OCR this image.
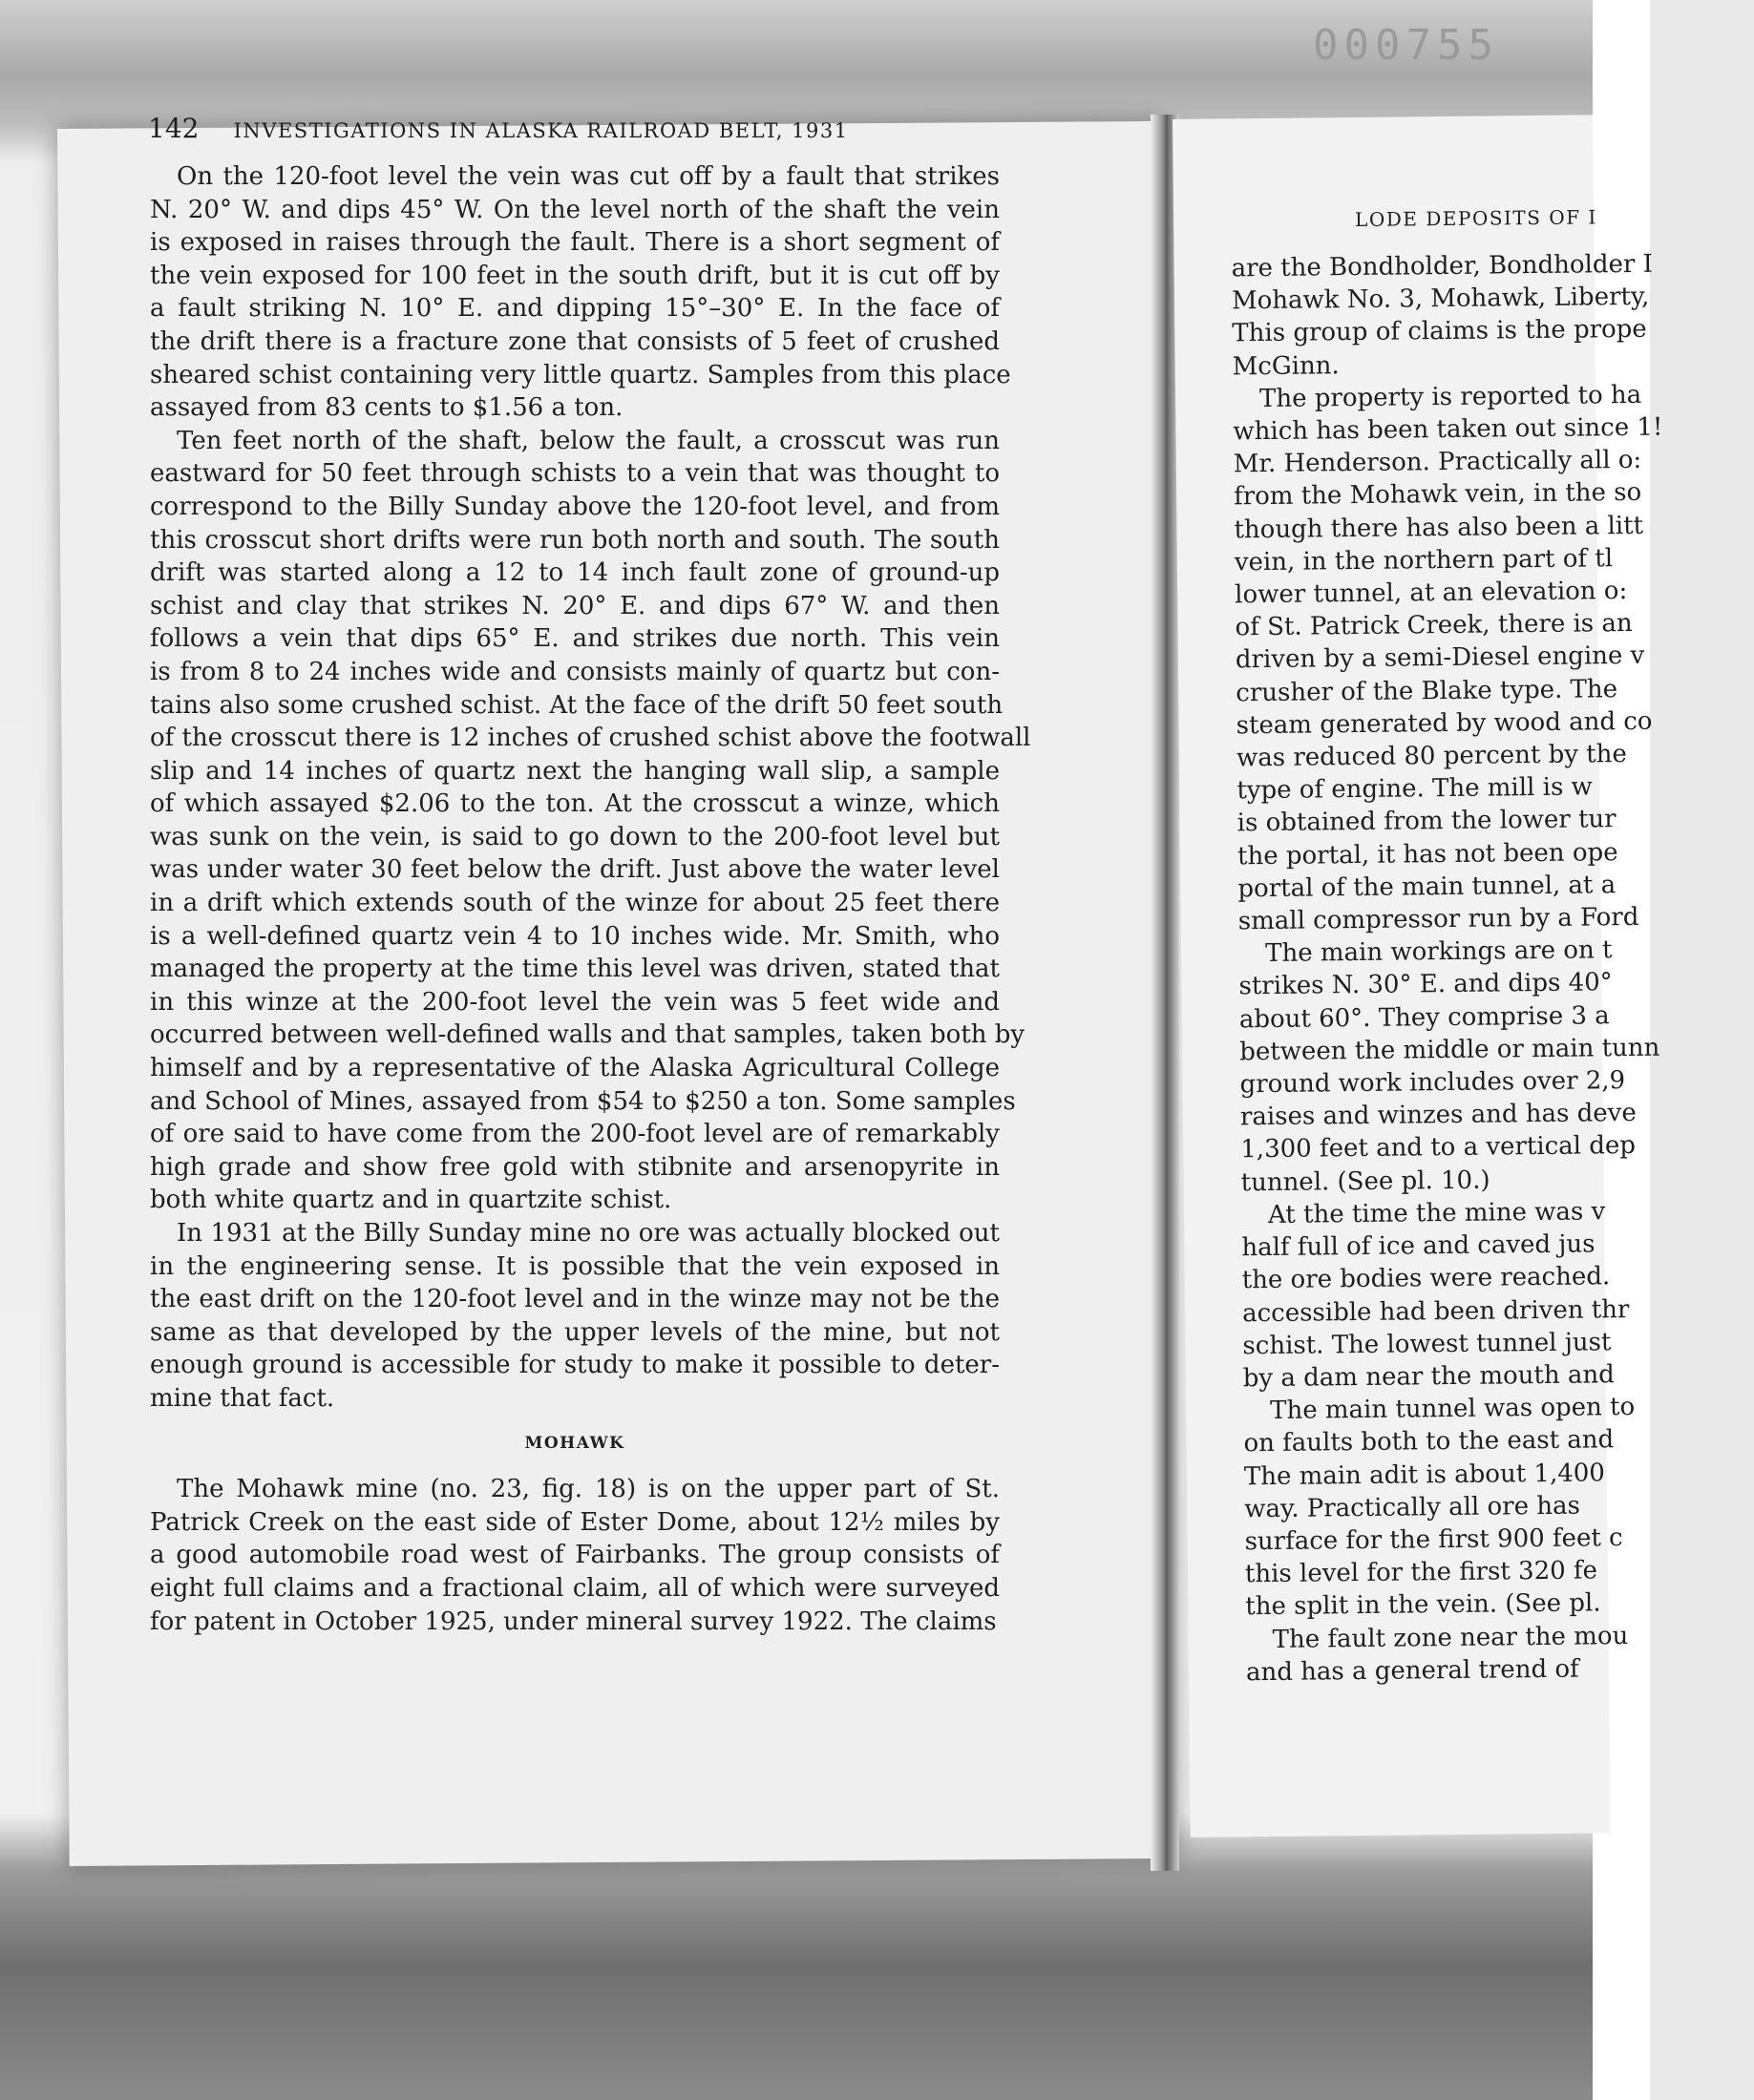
000755
142 INVESTIGATIONS IN ALASKA RAILROAD BELT, 1931
On the 120-foot level the vein was cut off by a fault that strikes
N. 20° W. and dips 45° W. On the level north of the shaft the vein
is exposed in raises through the fault. There is a short segment of
the vein exposed for 100 feet in the south drift, but it is cut off by
a fault striking N. 10° E. and dipping 15°–30° E. In the face of
the drift there is a fracture zone that consists of 5 feet of crushed
sheared schist containing very little quartz. Samples from this place
assayed from 83 cents to $1.56 a ton.
Ten feet north of the shaft, below the fault, a crosscut was run
eastward for 50 feet through schists to a vein that was thought to
correspond to the Billy Sunday above the 120-foot level, and from
this crosscut short drifts were run both north and south. The south
drift was started along a 12 to 14 inch fault zone of ground-up
schist and clay that strikes N. 20° E. and dips 67° W. and then
follows a vein that dips 65° E. and strikes due north. This vein
is from 8 to 24 inches wide and consists mainly of quartz but con-
tains also some crushed schist. At the face of the drift 50 feet south
of the crosscut there is 12 inches of crushed schist above the footwall
slip and 14 inches of quartz next the hanging wall slip, a sample
of which assayed $2.06 to the ton. At the crosscut a winze, which
was sunk on the vein, is said to go down to the 200-foot level but
was under water 30 feet below the drift. Just above the water level
in a drift which extends south of the winze for about 25 feet there
is a well-defined quartz vein 4 to 10 inches wide. Mr. Smith, who
managed the property at the time this level was driven, stated that
in this winze at the 200-foot level the vein was 5 feet wide and
occurred between well-defined walls and that samples, taken both by
himself and by a representative of the Alaska Agricultural College
and School of Mines, assayed from $54 to $250 a ton. Some samples
of ore said to have come from the 200-foot level are of remarkably
high grade and show free gold with stibnite and arsenopyrite in
both white quartz and in quartzite schist.
In 1931 at the Billy Sunday mine no ore was actually blocked out
in the engineering sense. It is possible that the vein exposed in
the east drift on the 120-foot level and in the winze may not be the
same as that developed by the upper levels of the mine, but not
enough ground is accessible for study to make it possible to deter-
mine that fact.
MOHAWK
The Mohawk mine (no. 23, fig. 18) is on the upper part of St.
Patrick Creek on the east side of Ester Dome, about 12½ miles by
a good automobile road west of Fairbanks. The group consists of
eight full claims and a fractional claim, all of which were surveyed
for patent in October 1925, under mineral survey 1922. The claims
LODE DEPOSITS OF I
are the Bondholder, Bondholder I
Mohawk No. 3, Mohawk, Liberty,
This group of claims is the prope
McGinn.
The property is reported to ha
which has been taken out since 1!
Mr. Henderson. Practically all o:
from the Mohawk vein, in the so
though there has also been a litt
vein, in the northern part of tl
lower tunnel, at an elevation o:
of St. Patrick Creek, there is an
driven by a semi-Diesel engine v
crusher of the Blake type. The
steam generated by wood and co
was reduced 80 percent by the
type of engine. The mill is w
is obtained from the lower tur
the portal, it has not been ope
portal of the main tunnel, at a
small compressor run by a Ford
The main workings are on t
strikes N. 30° E. and dips 40°
about 60°. They comprise 3 a
between the middle or main tunn
ground work includes over 2,9
raises and winzes and has deve
1,300 feet and to a vertical dep
tunnel. (See pl. 10.)
At the time the mine was v
half full of ice and caved jus
the ore bodies were reached.
accessible had been driven thr
schist. The lowest tunnel just
by a dam near the mouth and
The main tunnel was open to
on faults both to the east and
The main adit is about 1,400
way. Practically all ore has
surface for the first 900 feet c
this level for the first 320 fe
the split in the vein. (See pl.
The fault zone near the mou
and has a general trend of
